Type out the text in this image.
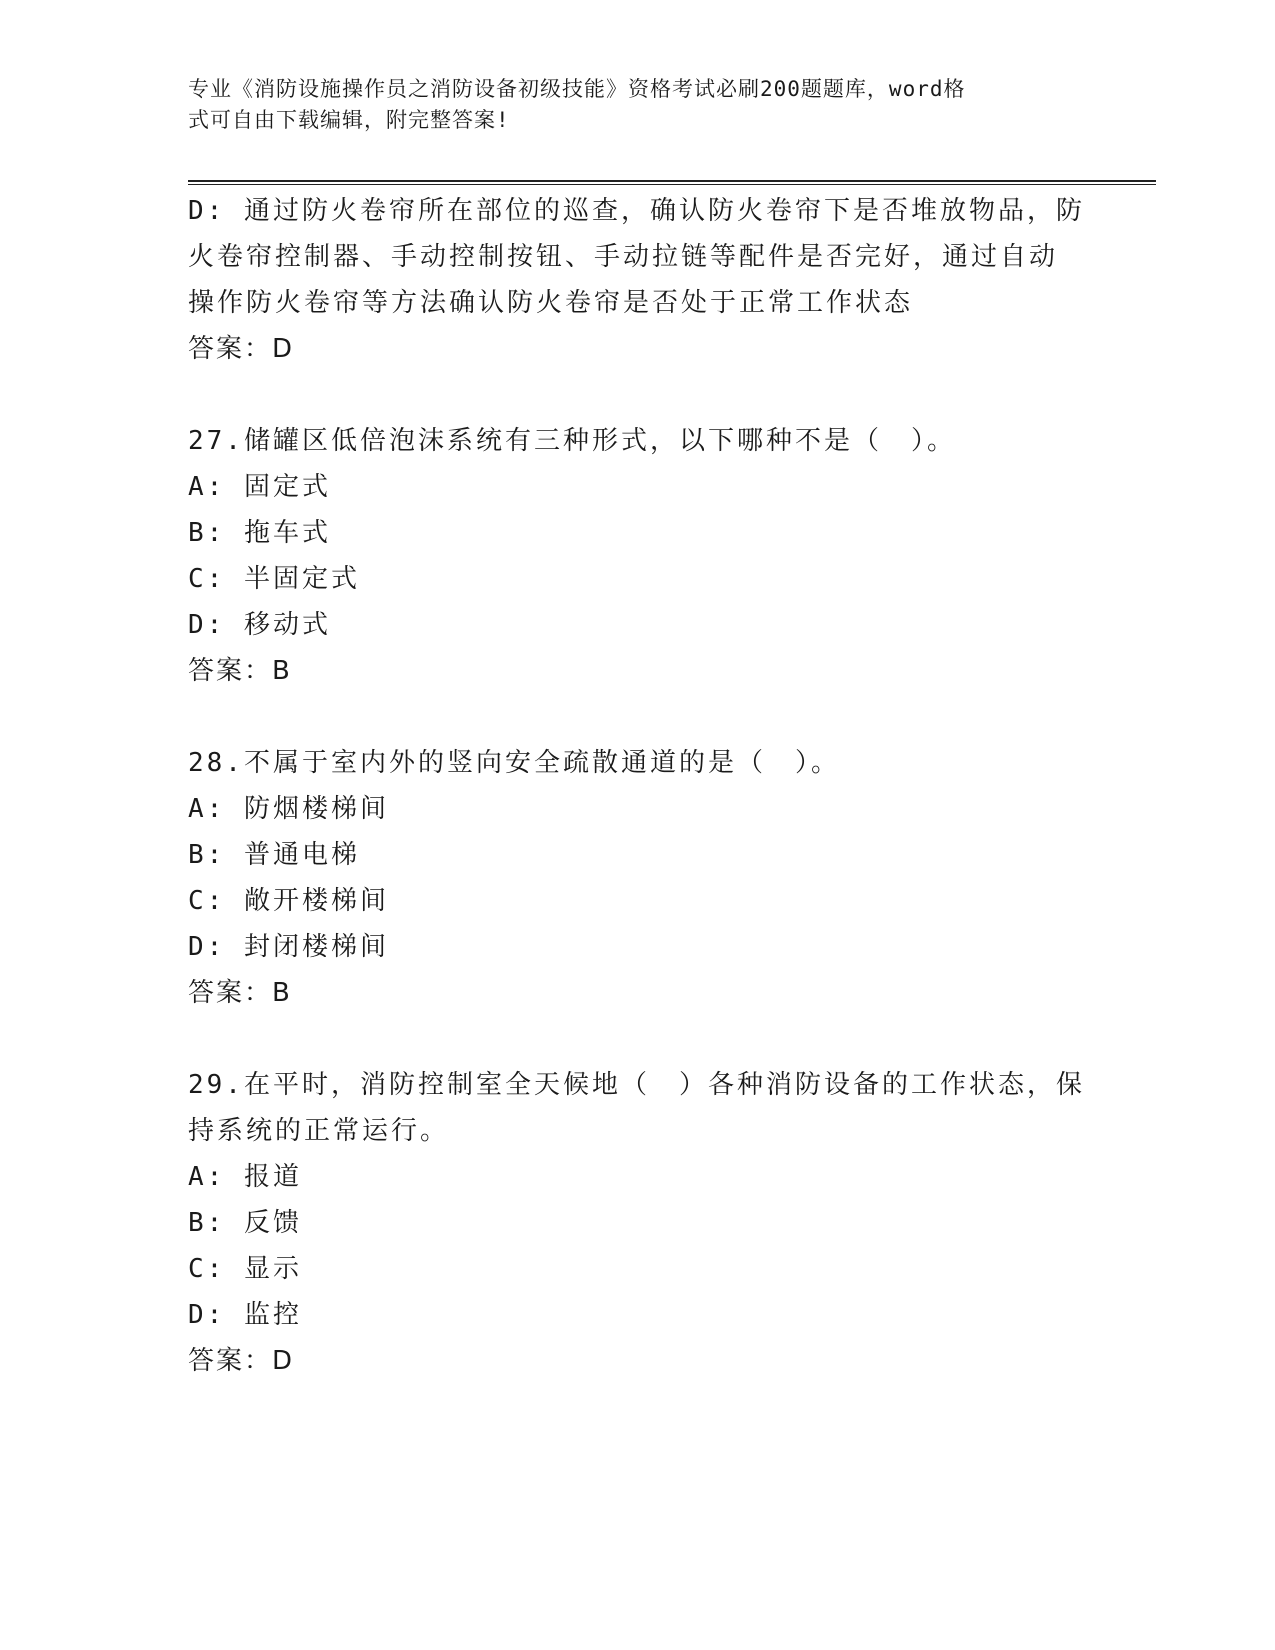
专业《消防设施操作员之消防设备初级技能》资格考试必刷200题题库，word格
式可自由下载编辑，附完整答案!
D: 通过防火卷帘所在部位的巡查，确认防火卷帘下是否堆放物品，防
火卷帘控制器、手动控制按钮、手动拉链等配件是否完好，通过自动
操作防火卷帘等方法确认防火卷帘是否处于正常工作状态
答案：D
27.储罐区低倍泡沫系统有三种形式，以下哪种不是（　）。
A: 固定式
B: 拖车式
C: 半固定式
D: 移动式
答案：B
28.不属于室内外的竖向安全疏散通道的是（　）。
A: 防烟楼梯间
B: 普通电梯
C: 敞开楼梯间
D: 封闭楼梯间
答案：B
29.在平时，消防控制室全天候地（　）各种消防设备的工作状态，保
持系统的正常运行。
A: 报道
B: 反馈
C: 显示
D: 监控
答案：D
